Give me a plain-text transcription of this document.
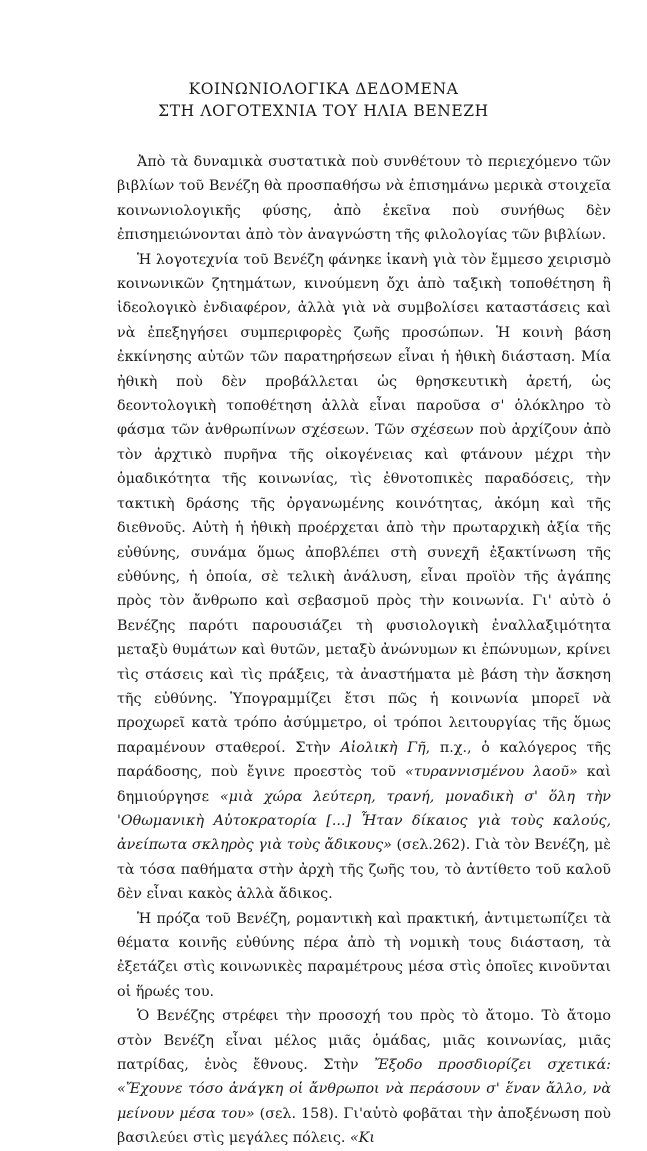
ΚΟΙΝΩΝΙΟΛΟΓΙΚΑ ΔΕΔΟΜΕΝΑ
ΣΤΗ ΛΟΓΟΤΕΧΝΙΑ ΤΟΥ ΗΛΙΑ ΒΕΝΕΖΗ

Ἀπὸ τὰ δυναμικὰ συστατικὰ ποὺ συνθέτουν τὸ περιεχόμενο τῶν βιβλίων τοῦ Βενέζη θὰ προσπαθήσω νὰ ἐπισημάνω μερικὰ στοιχεῖα κοινωνιολογικῆς φύσης, ἀπὸ ἐκεῖνα ποὺ συνήθως δὲν ἐπισημειώνονται ἀπὸ τὸν ἀναγνώστη τῆς φιλολογίας τῶν βιβλίων.

Ἡ λογοτεχνία τοῦ Βενέζη φάνηκε ἱκανὴ γιὰ τὸν ἔμμεσο χειρισμὸ κοινωνικῶν ζητημάτων, κινούμενη ὄχι ἀπὸ ταξικὴ τοποθέτηση ἢ ἰδεολογικὸ ἐνδιαφέρον, ἀλλὰ γιὰ νὰ συμβολίσει καταστάσεις καὶ νὰ ἐπεξηγήσει συμπεριφορὲς ζωῆς προσώπων. Ἡ κοινὴ βάση ἐκκίνησης αὐτῶν τῶν παρατηρήσεων εἶναι ἡ ἠθικὴ διάσταση. Μία ἠθικὴ ποὺ δὲν προβάλλεται ὡς θρησκευτικὴ ἀρετή, ὡς δεοντολογικὴ τοποθέτηση ἀλλὰ εἶναι παροῦσα σ' ὁλόκληρο τὸ φάσμα τῶν ἀνθρωπίνων σχέσεων. Τῶν σχέσεων ποὺ ἀρχίζουν ἀπὸ τὸν ἀρχτικὸ πυρῆνα τῆς οἰκογένειας καὶ φτάνουν μέχρι τὴν ὁμαδικότητα τῆς κοινωνίας, τὶς ἐθνοτοπικὲς παραδόσεις, τὴν τακτικὴ δράσης τῆς ὀργανωμένης κοινότητας, ἀκόμη καὶ τῆς διεθνοῦς. Αὐτὴ ἡ ἠθικὴ προέρχεται ἀπὸ τὴν πρωταρχικὴ ἀξία τῆς εὐθύνης, συνάμα ὅμως ἀποβλέπει στὴ συνεχῆ ἐξακτίνωση τῆς εὐθύνης, ἡ ὁποία, σὲ τελικὴ ἀνάλυση, εἶναι προϊὸν τῆς ἀγάπης πρὸς τὸν ἄνθρωπο καὶ σεβασμοῦ πρὸς τὴν κοινωνία. Γι' αὐτὸ ὁ Βενέζης παρότι παρουσιάζει τὴ φυσιολογικὴ ἐναλλαξιμότητα μεταξὺ θυμάτων καὶ θυτῶν, μεταξὺ ἀνώνυμων κι ἐπώνυμων, κρίνει τὶς στάσεις καὶ τὶς πράξεις, τὰ ἀναστήματα μὲ βάση τὴν ἄσκηση τῆς εὐθύνης. Ὑπογραμμίζει ἔτσι πῶς ἡ κοινωνία μπορεῖ νὰ προχωρεῖ κατὰ τρόπο ἀσύμμετρο, οἱ τρόποι λειτουργίας τῆς ὅμως παραμένουν σταθεροί. Στὴν Αἰολικὴ Γῆ, π.χ., ὁ καλόγερος τῆς παράδοσης, ποὺ ἔγινε προεστὸς τοῦ «τυραννισμένου λαοῦ» καὶ δημιούργησε «μιὰ χώρα λεύτερη, τρανή, μοναδικὴ σ' ὅλη τὴν 'Οθωμανικὴ Αὐτοκρατορία [...] Ἦταν δίκαιος γιὰ τοὺς καλούς, ἀνείπωτα σκληρὸς γιὰ τοὺς ἄδικους» (σελ.262). Γιὰ τὸν Βενέζη, μὲ τὰ τόσα παθήματα στὴν ἀρχὴ τῆς ζωῆς του, τὸ ἀντίθετο τοῦ καλοῦ δὲν εἶναι κακὸς ἀλλὰ ἄδικος.

Ἡ πρόζα τοῦ Βενέζη, ρομαντικὴ καὶ πρακτική, ἀντιμετωπίζει τὰ θέματα κοινῆς εὐθύνης πέρα ἀπὸ τὴ νομικὴ τους διάσταση, τὰ ἐξετάζει στὶς κοινωνικὲς παραμέτρους μέσα στὶς ὁποῖες κινοῦνται οἱ ἥρωές του.

Ὁ Βενέζης στρέφει τὴν προσοχή του πρὸς τὸ ἄτομο. Τὸ ἄτομο στὸν Βενέζη εἶναι μέλος μιᾶς ὁμάδας, μιᾶς κοινωνίας, μιᾶς πατρίδας, ἑνὸς ἔθνους. Στὴν Ἔξοδο προσδιορίζει σχετικά: «Ἔχουνε τόσο ἀνάγκη οἱ ἄνθρωποι νὰ περάσουν σ' ἕναν ἄλλο, νὰ μείνουν μέσα του» (σελ. 158). Γι'αὐτὸ φοβᾶται τὴν ἀποξένωση ποὺ βασιλεύει στὶς μεγάλες πόλεις. «Κι
